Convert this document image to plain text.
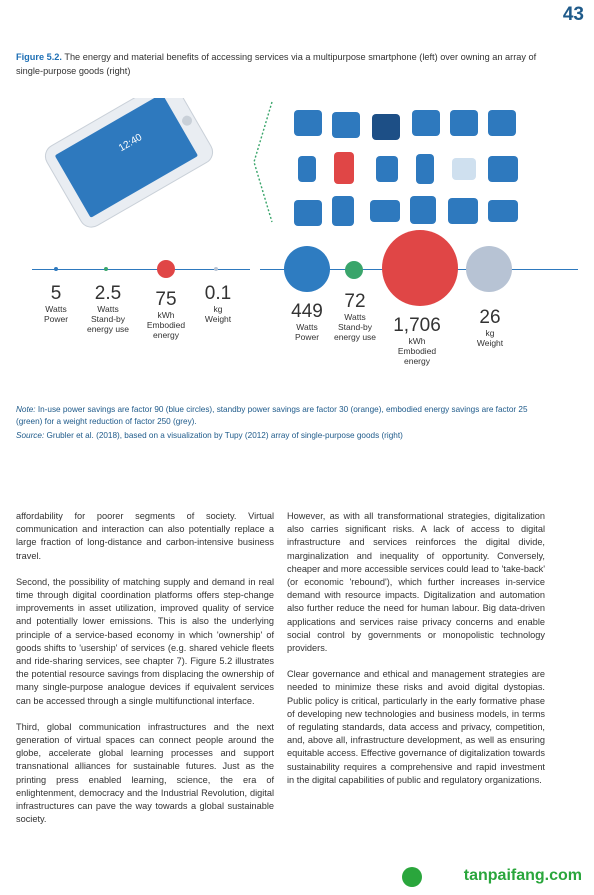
43
Figure 5.2. The energy and material benefits of accessing services via a multipurpose smartphone (left) over owning an array of single-purpose goods (right)
12:40
5
Watts
Power
2.5
Watts
Stand-by
energy use
75
kWh
Embodied
energy
0.1
kg
Weight	449
Watts
Power
72
Watts
Stand-by
energy use
1,706
kWh
Embodied
energy
26
kg
Weight
Note: In-use power savings are factor 90 (blue circles), standby power savings are factor 30 (orange), embodied energy savings are factor 25 (green) for a weight reduction of factor 250 (grey).
Source: Grubler et al. (2018), based on a visualization by Tupy (2012) array of single-purpose goods (right)

affordability for poorer segments of society. Virtual communication and interaction can also potentially replace a large fraction of long-distance and carbon-intensive business travel.

Second, the possibility of matching supply and demand in real time through digital coordination platforms offers step-change improvements in asset utilization, improved quality of service and potentially lower emissions. This is also the underlying principle of a service-based economy in which 'ownership' of goods shifts to 'usership' of services (e.g. shared vehicle fleets and ride-sharing services, see chapter 7). Figure 5.2 illustrates the potential resource savings from displacing the ownership of many single-purpose analogue devices if equivalent services can be accessed through a single multifunctional interface.

Third, global communication infrastructures and the next generation of virtual spaces can connect people around the globe, accelerate global learning processes and support transnational alliances for sustainable futures. Just as the printing press enabled learning, science, the era of enlightenment, democracy and the Industrial Revolution, digital infrastructures can pave the way towards a global sustainable society.

However, as with all transformational strategies, digitalization also carries significant risks. A lack of access to digital infrastructure and services reinforces the digital divide, marginalization and inequality of opportunity. Conversely, cheaper and more accessible services could lead to 'take-back' (or economic 'rebound'), which further increases in-service demand with resource impacts. Digitalization and automation also further reduce the need for human labour. Big data-driven applications and services raise privacy concerns and enable social control by governments or monopolistic technology providers.

Clear governance and ethical and management strategies are needed to minimize these risks and avoid digital dystopias. Public policy is critical, particularly in the early formative phase of developing new technologies and business models, in terms of regulating standards, data access and privacy, competition, and, above all, infrastructure development, as well as ensuring equitable access. Effective governance of digitalization towards sustainability requires a comprehensive and rapid investment in the digital capabilities of public and regulatory organizations.

tanpaifang.com
